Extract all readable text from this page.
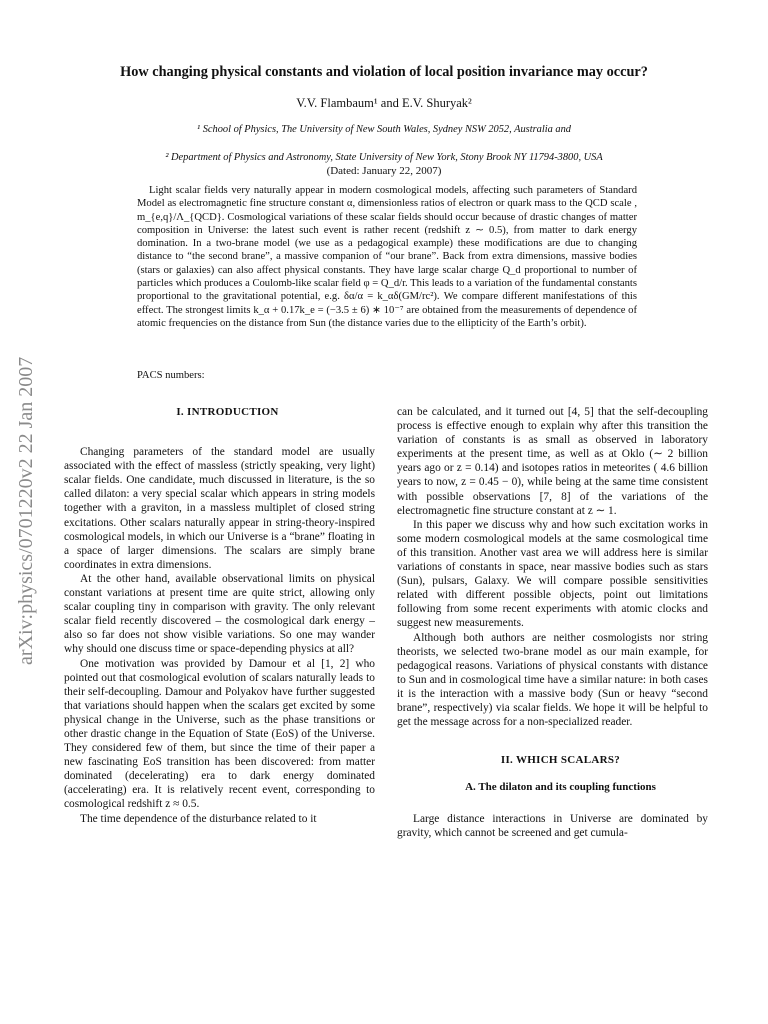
How changing physical constants and violation of local position invariance may occur?
V.V. Flambaum¹ and E.V. Shuryak²
¹ School of Physics, The University of New South Wales, Sydney NSW 2052, Australia and
² Department of Physics and Astronomy, State University of New York, Stony Brook NY 11794-3800, USA
(Dated: January 22, 2007)

Light scalar fields very naturally appear in modern cosmological models, affecting such parameters of Standard Model as electromagnetic fine structure constant α, dimensionless ratios of electron or quark mass to the QCD scale , m_{e,q}/Λ_{QCD}. Cosmological variations of these scalar fields should occur because of drastic changes of matter composition in Universe: the latest such event is rather recent (redshift z ∼ 0.5), from matter to dark energy domination. In a two-brane model (we use as a pedagogical example) these modifications are due to changing distance to “the second brane”, a massive companion of “our brane”. Back from extra dimensions, massive bodies (stars or galaxies) can also affect physical constants. They have large scalar charge Q_d proportional to number of particles which produces a Coulomb-like scalar field φ = Q_d/r. This leads to a variation of the fundamental constants proportional to the gravitational potential, e.g. δα/α = k_αδ(GM/rc²). We compare different manifestations of this effect. The strongest limits k_α + 0.17k_e = (−3.5 ± 6) ∗ 10⁻⁷ are obtained from the measurements of dependence of atomic frequencies on the distance from Sun (the distance varies due to the ellipticity of the Earth’s orbit).

PACS numbers:
arXiv:physics/0701220v2 22 Jan 2007	I. INTRODUCTION

Changing parameters of the standard model are usually associated with the effect of massless (strictly speaking, very light) scalar fields. One candidate, much discussed in literature, is the so called dilaton: a very special scalar which appears in string models together with a graviton, in a massless multiplet of closed string excitations. Other scalars naturally appear in string-theory-inspired cosmological models, in which our Universe is a “brane” floating in a space of larger dimensions. The scalars are simply brane coordinates in extra dimensions.

At the other hand, available observational limits on physical constant variations at present time are quite strict, allowing only scalar coupling tiny in comparison with gravity. The only relevant scalar field recently discovered – the cosmological dark energy – also so far does not show visible variations. So one may wander why should one discuss time or space-depending physics at all?

One motivation was provided by Damour et al [1, 2] who pointed out that cosmological evolution of scalars naturally leads to their self-decoupling. Damour and Polyakov have further suggested that variations should happen when the scalars get excited by some physical change in the Universe, such as the phase transitions or other drastic change in the Equation of State (EoS) of the Universe. They considered few of them, but since the time of their paper a new fascinating EoS transition has been discovered: from matter dominated (decelerating) era to dark energy dominated (accelerating) era. It is relatively recent event, corresponding to cosmological redshift z ≈ 0.5.

The time dependence of the disturbance related to it

can be calculated, and it turned out [4, 5] that the self-decoupling process is effective enough to explain why after this transition the variation of constants is as small as observed in laboratory experiments at the present time, as well as at Oklo (∼ 2 billion years ago or z = 0.14) and isotopes ratios in meteorites ( 4.6 billion years to now, z = 0.45 − 0), while being at the same time consistent with possible observations [7, 8] of the variations of the electromagnetic fine structure constant at z ∼ 1.

In this paper we discuss why and how such excitation works in some modern cosmological models at the same cosmological time of this transition. Another vast area we will address here is similar variations of constants in space, near massive bodies such as stars (Sun), pulsars, Galaxy. We will compare possible sensitivities related with different possible objects, point out limitations following from some recent experiments with atomic clocks and suggest new measurements.

Although both authors are neither cosmologists nor string theorists, we selected two-brane model as our main example, for pedagogical reasons. Variations of physical constants with distance to Sun and in cosmological time have a similar nature: in both cases it is the interaction with a massive body (Sun or heavy “second brane”, respectively) via scalar fields. We hope it will be helpful to get the message across for a non-specialized reader.

II. WHICH SCALARS?

A. The dilaton and its coupling functions

Large distance interactions in Universe are dominated by gravity, which cannot be screened and get cumula-
